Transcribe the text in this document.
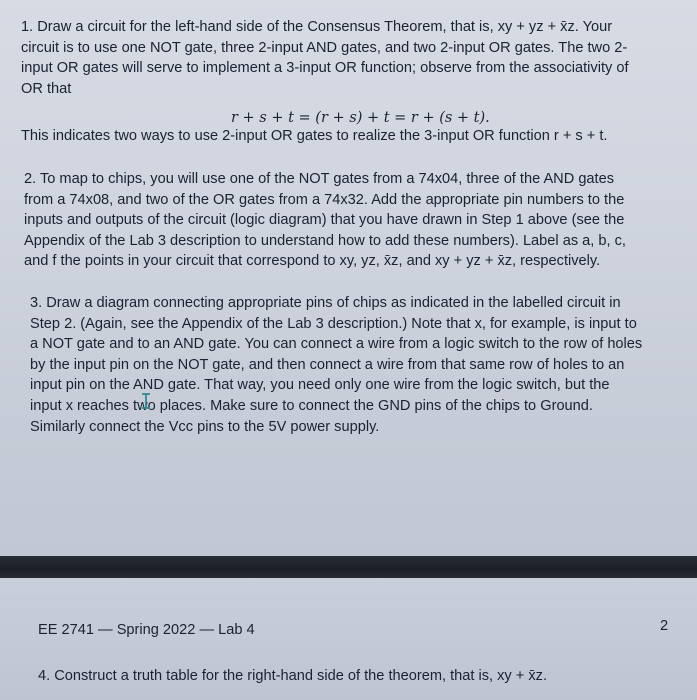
1. Draw a circuit for the left-hand side of the Consensus Theorem, that is, xy + yz + x̄z. Your
circuit is to use one NOT gate, three 2-input AND gates, and two 2-input OR gates. The two 2-
input OR gates will serve to implement a 3-input OR function; observe from the associativity of
OR that
r + s + t = (r + s) + t = r + (s + t).
This indicates two ways to use 2-input OR gates to realize the 3-input OR function r + s + t.
2. To map to chips, you will use one of the NOT gates from a 74x04, three of the AND gates
from a 74x08, and two of the OR gates from a 74x32. Add the appropriate pin numbers to the
inputs and outputs of the circuit (logic diagram) that you have drawn in Step 1 above (see the
Appendix of the Lab 3 description to understand how to add these numbers). Label as a, b, c,
and f the points in your circuit that correspond to xy, yz, x̄z, and xy + yz + x̄z, respectively.
3. Draw a diagram connecting appropriate pins of chips as indicated in the labelled circuit in
Step 2. (Again, see the Appendix of the Lab 3 description.) Note that x, for example, is input to
a NOT gate and to an AND gate. You can connect a wire from a logic switch to the row of holes
by the input pin on the NOT gate, and then connect a wire from that same row of holes to an
input pin on the AND gate. That way, you need only one wire from the logic switch, but the
input x reaches two places. Make sure to connect the GND pins of the chips to Ground.
Similarly connect the Vcc pins to the 5V power supply.
EE 2741 — Spring 2022 — Lab 4	2
4. Construct a truth table for the right-hand side of the theorem, that is, xy + x̄z.
